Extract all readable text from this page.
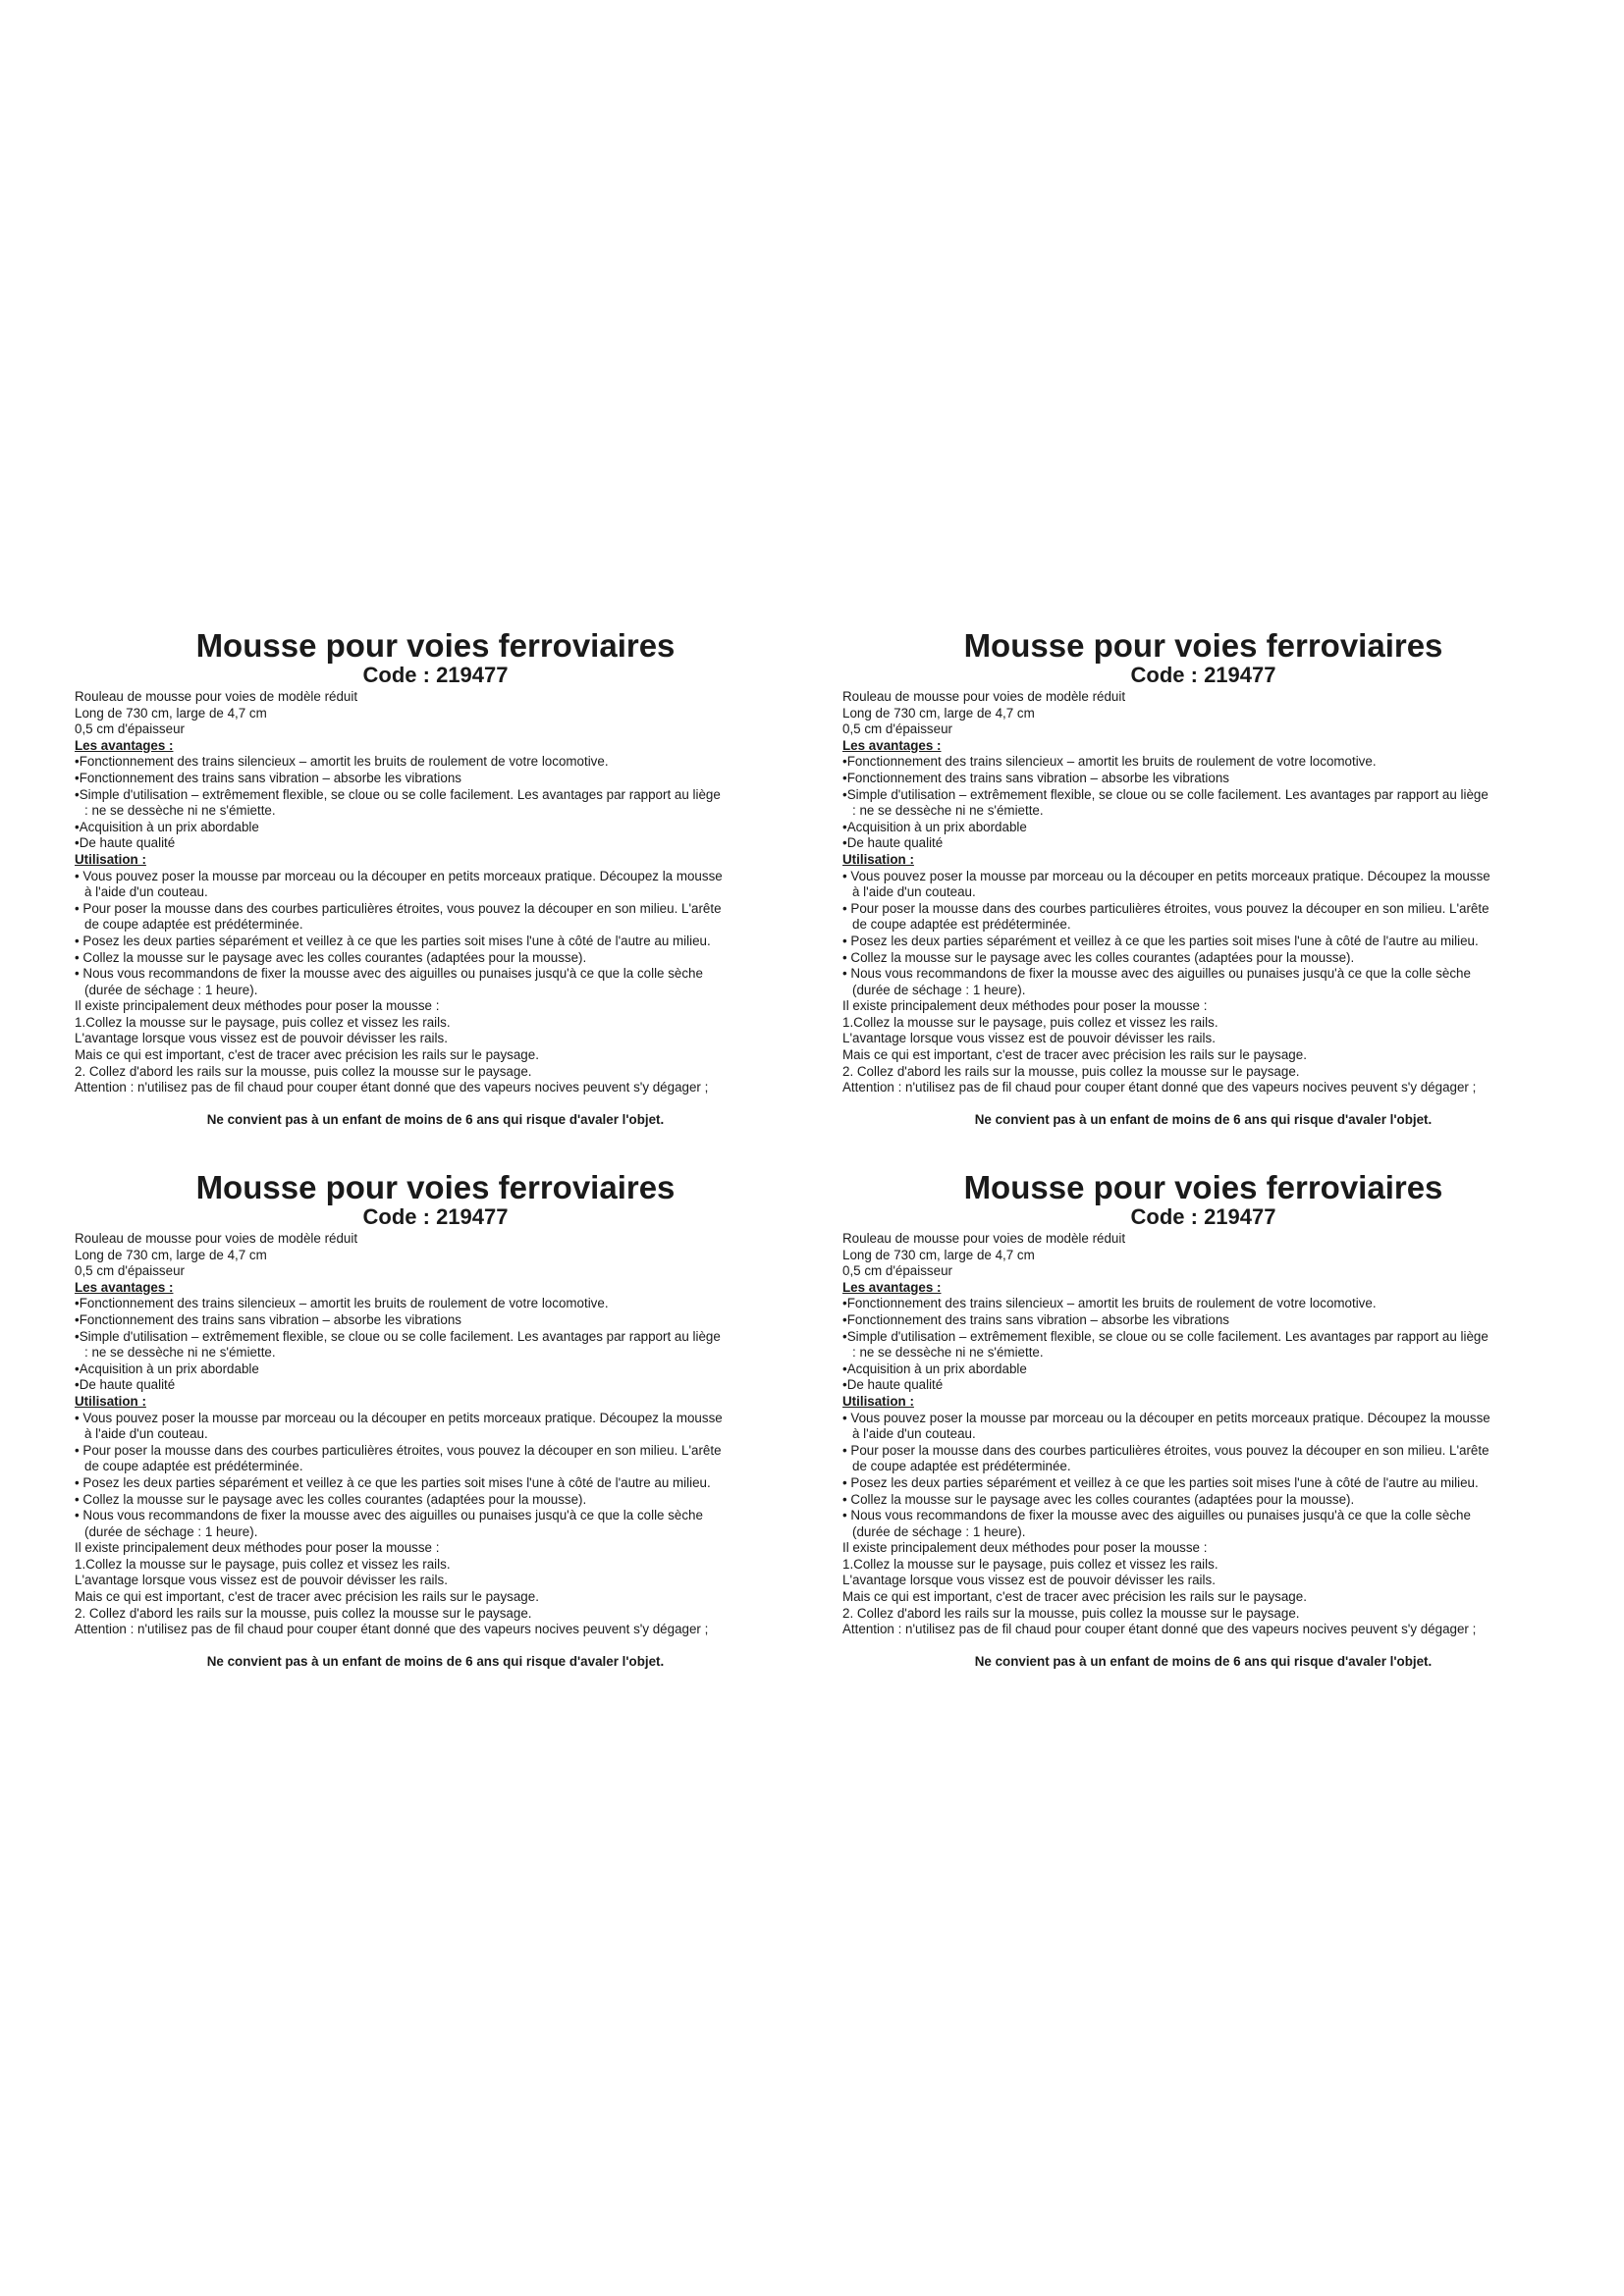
Mousse pour voies ferroviaires
Code : 219477
Rouleau de mousse pour voies de modèle réduit
Long de 730 cm, large de 4,7 cm
0,5 cm d'épaisseur
Les avantages :
•Fonctionnement des trains silencieux – amortit les bruits de roulement de votre locomotive.
•Fonctionnement des trains sans vibration – absorbe les vibrations
•Simple d'utilisation – extrêmement flexible, se cloue ou se colle facilement. Les avantages par rapport au liège
: ne se dessèche ni ne s'émiette.
•Acquisition à un prix abordable
•De haute qualité
Utilisation :
• Vous pouvez poser la mousse par morceau ou la découper en petits morceaux pratique. Découpez la mousse
à l'aide d'un couteau.
• Pour poser la mousse dans des courbes particulières étroites, vous pouvez la découper en son milieu. L'arête
de coupe adaptée est prédéterminée.
• Posez les deux parties séparément et veillez à ce que les parties soit mises l'une à côté de l'autre au milieu.
• Collez la mousse sur le paysage avec les colles courantes (adaptées pour la mousse).
• Nous vous recommandons de fixer la mousse avec des aiguilles ou punaises jusqu'à ce que la colle sèche
(durée de séchage : 1 heure).
Il existe principalement deux méthodes pour poser la mousse :
1.Collez la mousse sur le paysage, puis collez et vissez les rails.
L'avantage lorsque vous vissez est de pouvoir dévisser les rails.
Mais ce qui est important, c'est de tracer avec précision les rails sur le paysage.
2. Collez d'abord les rails sur la mousse, puis collez la mousse sur le paysage.
Attention : n'utilisez pas de fil chaud pour couper étant donné que des vapeurs nocives peuvent s'y dégager ;
Ne convient pas à un enfant de moins de 6 ans qui risque d'avaler l'objet.
Mousse pour voies ferroviaires
Code : 219477
Rouleau de mousse pour voies de modèle réduit
Long de 730 cm, large de 4,7 cm
0,5 cm d'épaisseur
Les avantages :
•Fonctionnement des trains silencieux – amortit les bruits de roulement de votre locomotive.
•Fonctionnement des trains sans vibration – absorbe les vibrations
•Simple d'utilisation – extrêmement flexible, se cloue ou se colle facilement. Les avantages par rapport au liège
: ne se dessèche ni ne s'émiette.
•Acquisition à un prix abordable
•De haute qualité
Utilisation :
• Vous pouvez poser la mousse par morceau ou la découper en petits morceaux pratique. Découpez la mousse
à l'aide d'un couteau.
• Pour poser la mousse dans des courbes particulières étroites, vous pouvez la découper en son milieu. L'arête
de coupe adaptée est prédéterminée.
• Posez les deux parties séparément et veillez à ce que les parties soit mises l'une à côté de l'autre au milieu.
• Collez la mousse sur le paysage avec les colles courantes (adaptées pour la mousse).
• Nous vous recommandons de fixer la mousse avec des aiguilles ou punaises jusqu'à ce que la colle sèche
(durée de séchage : 1 heure).
Il existe principalement deux méthodes pour poser la mousse :
1.Collez la mousse sur le paysage, puis collez et vissez les rails.
L'avantage lorsque vous vissez est de pouvoir dévisser les rails.
Mais ce qui est important, c'est de tracer avec précision les rails sur le paysage.
2. Collez d'abord les rails sur la mousse, puis collez la mousse sur le paysage.
Attention : n'utilisez pas de fil chaud pour couper étant donné que des vapeurs nocives peuvent s'y dégager ;
Ne convient pas à un enfant de moins de 6 ans qui risque d'avaler l'objet.
Mousse pour voies ferroviaires
Code : 219477
Rouleau de mousse pour voies de modèle réduit
Long de 730 cm, large de 4,7 cm
0,5 cm d'épaisseur
Les avantages :
•Fonctionnement des trains silencieux – amortit les bruits de roulement de votre locomotive.
•Fonctionnement des trains sans vibration – absorbe les vibrations
•Simple d'utilisation – extrêmement flexible, se cloue ou se colle facilement. Les avantages par rapport au liège
: ne se dessèche ni ne s'émiette.
•Acquisition à un prix abordable
•De haute qualité
Utilisation :
• Vous pouvez poser la mousse par morceau ou la découper en petits morceaux pratique. Découpez la mousse
à l'aide d'un couteau.
• Pour poser la mousse dans des courbes particulières étroites, vous pouvez la découper en son milieu. L'arête
de coupe adaptée est prédéterminée.
• Posez les deux parties séparément et veillez à ce que les parties soit mises l'une à côté de l'autre au milieu.
• Collez la mousse sur le paysage avec les colles courantes (adaptées pour la mousse).
• Nous vous recommandons de fixer la mousse avec des aiguilles ou punaises jusqu'à ce que la colle sèche
(durée de séchage : 1 heure).
Il existe principalement deux méthodes pour poser la mousse :
1.Collez la mousse sur le paysage, puis collez et vissez les rails.
L'avantage lorsque vous vissez est de pouvoir dévisser les rails.
Mais ce qui est important, c'est de tracer avec précision les rails sur le paysage.
2. Collez d'abord les rails sur la mousse, puis collez la mousse sur le paysage.
Attention : n'utilisez pas de fil chaud pour couper étant donné que des vapeurs nocives peuvent s'y dégager ;
Ne convient pas à un enfant de moins de 6 ans qui risque d'avaler l'objet.
Mousse pour voies ferroviaires
Code : 219477
Rouleau de mousse pour voies de modèle réduit
Long de 730 cm, large de 4,7 cm
0,5 cm d'épaisseur
Les avantages :
•Fonctionnement des trains silencieux – amortit les bruits de roulement de votre locomotive.
•Fonctionnement des trains sans vibration – absorbe les vibrations
•Simple d'utilisation – extrêmement flexible, se cloue ou se colle facilement. Les avantages par rapport au liège
: ne se dessèche ni ne s'émiette.
•Acquisition à un prix abordable
•De haute qualité
Utilisation :
• Vous pouvez poser la mousse par morceau ou la découper en petits morceaux pratique. Découpez la mousse
à l'aide d'un couteau.
• Pour poser la mousse dans des courbes particulières étroites, vous pouvez la découper en son milieu. L'arête
de coupe adaptée est prédéterminée.
• Posez les deux parties séparément et veillez à ce que les parties soit mises l'une à côté de l'autre au milieu.
• Collez la mousse sur le paysage avec les colles courantes (adaptées pour la mousse).
• Nous vous recommandons de fixer la mousse avec des aiguilles ou punaises jusqu'à ce que la colle sèche
(durée de séchage : 1 heure).
Il existe principalement deux méthodes pour poser la mousse :
1.Collez la mousse sur le paysage, puis collez et vissez les rails.
L'avantage lorsque vous vissez est de pouvoir dévisser les rails.
Mais ce qui est important, c'est de tracer avec précision les rails sur le paysage.
2. Collez d'abord les rails sur la mousse, puis collez la mousse sur le paysage.
Attention : n'utilisez pas de fil chaud pour couper étant donné que des vapeurs nocives peuvent s'y dégager ;
Ne convient pas à un enfant de moins de 6 ans qui risque d'avaler l'objet.
